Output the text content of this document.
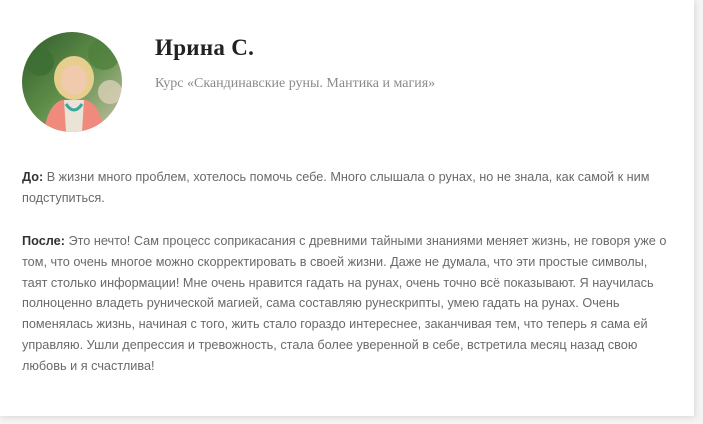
Ирина С.
Курс «Скандинавские руны. Мантика и магия»
До: В жизни много проблем, хотелось помочь себе. Много слышала о рунах, но не знала, как самой к ним подступиться.
После: Это нечто! Сам процесс соприкасания с древними тайными знаниями меняет жизнь, не говоря уже о том, что очень многое можно скорректировать в своей жизни. Даже не думала, что эти простые символы, таят столько информации! Мне очень нравится гадать на рунах, очень точно всё показывают. Я научилась полноценно владеть рунической магией, сама составляю рунескрипты, умею гадать на рунах. Очень поменялась жизнь, начиная с того, жить стало гораздо интереснее, заканчивая тем, что теперь я сама ей управляю. Ушли депрессия и тревожность, стала более уверенной в себе, встретила месяц назад свою любовь и я счастлива!
